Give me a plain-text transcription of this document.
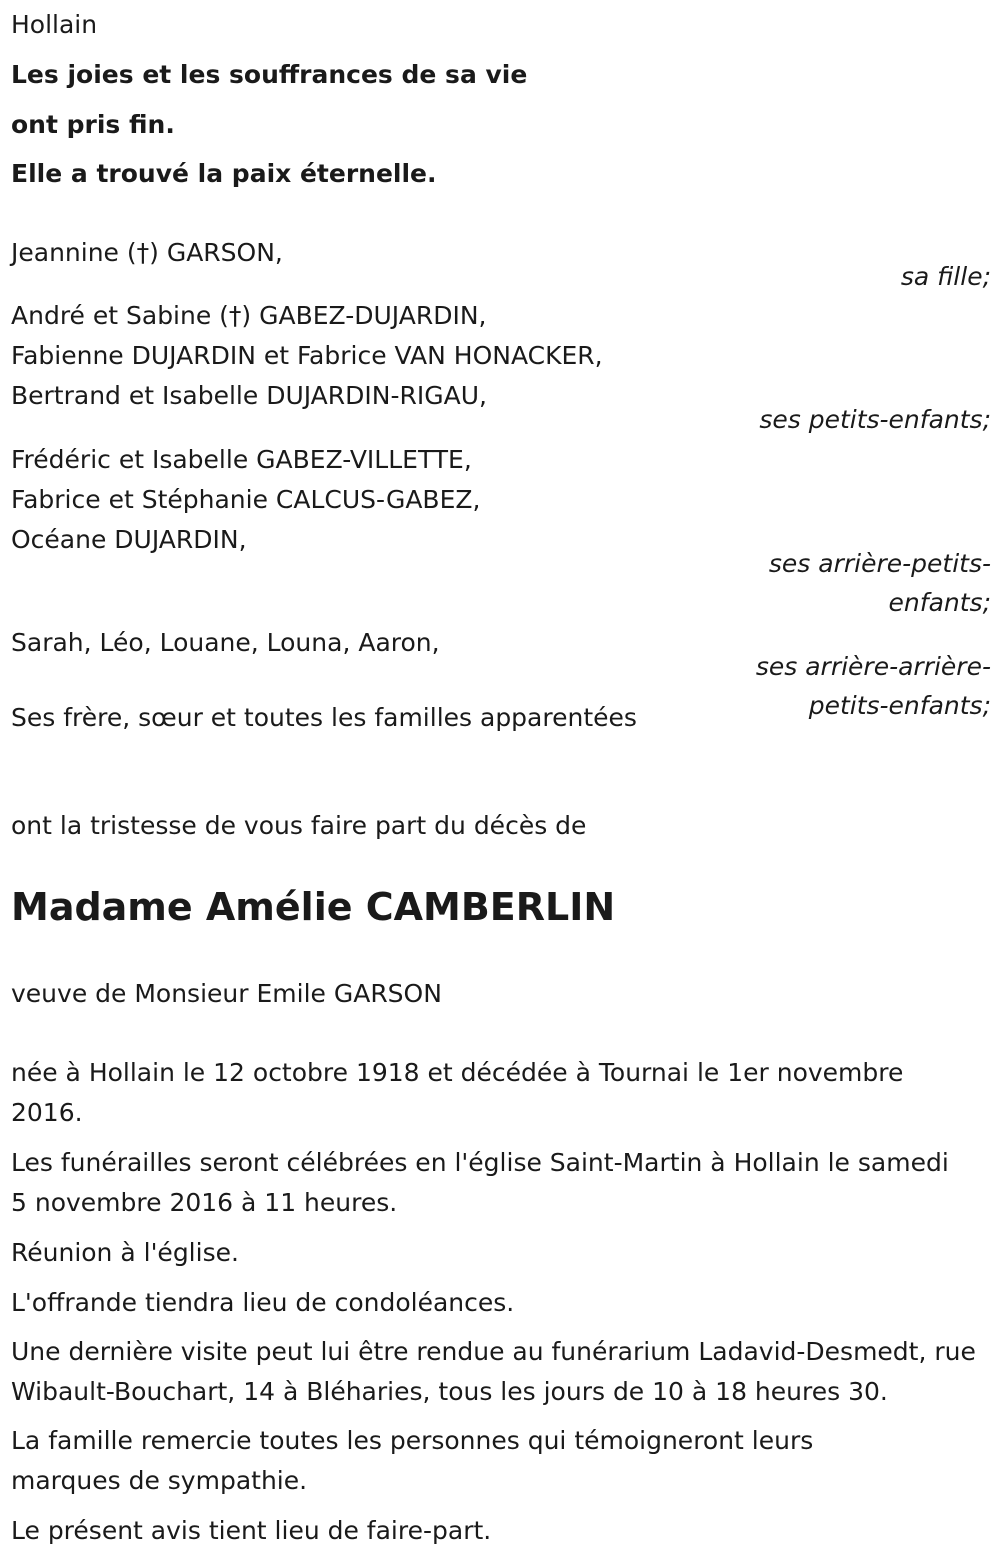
Hollain
Les joies et les souffrances de sa vie
ont pris fin.
Elle a trouvé la paix éternelle.
Jeannine (†) GARSON,
sa fille;
André et Sabine (†) GABEZ-DUJARDIN,
Fabienne DUJARDIN et Fabrice VAN HONACKER,
Bertrand et Isabelle DUJARDIN-RIGAU,
ses petits-enfants;
Frédéric et Isabelle GABEZ-VILLETTE,
Fabrice et Stéphanie CALCUS-GABEZ,
Océane DUJARDIN,
ses arrière-petits-
enfants;
Sarah, Léo, Louane, Louna, Aaron,
ses arrière-arrière-
petits-enfants;
Ses frère, sœur et toutes les familles apparentées
ont la tristesse de vous faire part du décès de
Madame Amélie CAMBERLIN
veuve de Monsieur Emile GARSON
née à Hollain le 12 octobre 1918 et décédée à Tournai le 1er novembre 2016.
Les funérailles seront célébrées en l'église Saint-Martin à Hollain le samedi 5 novembre 2016 à 11 heures.
Réunion à l'église.
L'offrande tiendra lieu de condoléances.
Une dernière visite peut lui être rendue au funérarium Ladavid-Desmedt, rue Wibault-Bouchart, 14 à Bléharies, tous les jours de 10 à 18 heures 30.
La famille remercie toutes les personnes qui témoigneront leurs marques de sympathie.
Le présent avis tient lieu de faire-part.
